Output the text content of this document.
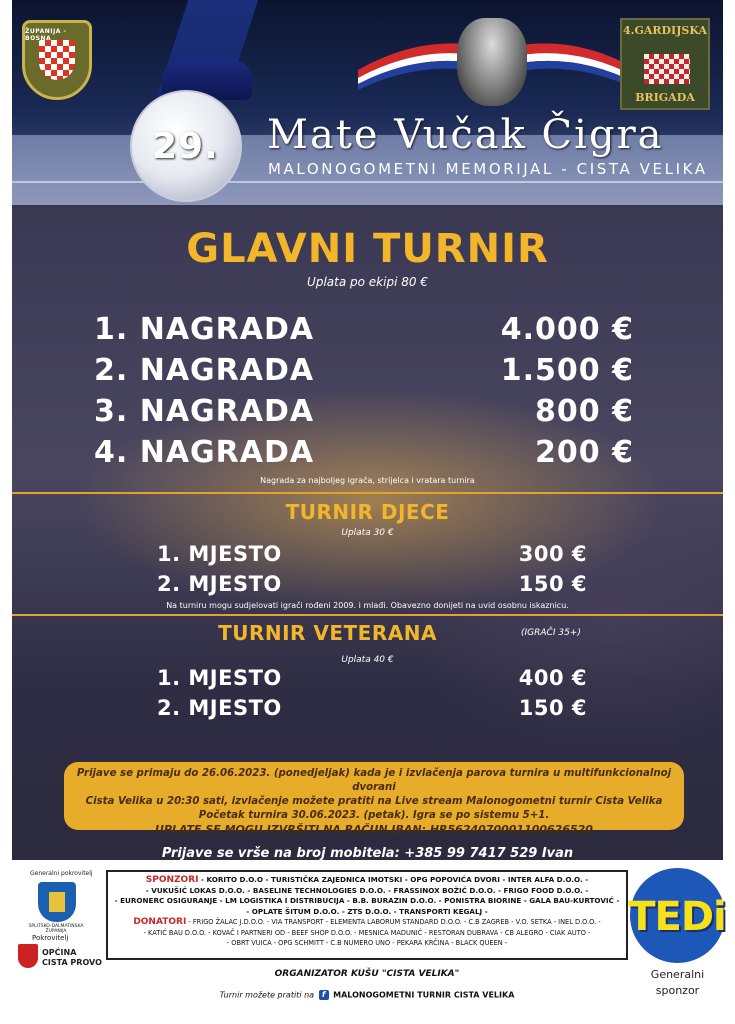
ŽUPANIJA - BOSNA
4.GARDIJSKA
BRIGADA
29. Mate Vučak Čigra
MALONOGOMETNI MEMORIJAL - CISTA VELIKA
GLAVNI TURNIR
Uplata po ekipi 80 €
1. NAGRADA	4.000 €
2. NAGRADA	1.500 €
3. NAGRADA	800 €
4. NAGRADA	200 €
Nagrada za najboljeg igrača, strijelca i vratara turnira
TURNIR DJECE
Uplata 30 €
1. MJESTO	300 €
2. MJESTO	150 €
Na turniru mogu sudjelovati igrači rođeni 2009. i mlađi. Obavezno donijeti na uvid osobnu iskaznicu.
TURNIR VETERANA	(IGRAČI 35+)
Uplata 40 €
1. MJESTO	400 €
2. MJESTO	150 €
Prijave se primaju do 26.06.2023. (ponedjeljak) kada je i izvlačenja parova turnira u multifunkcionalnoj dvorani
Cista Velika u 20:30 sati, izvlačenje možete pratiti na Live stream Malonogometni turnir Cista Velika
Početak turnira 30.06.2023. (petak). Igra se po sistemu 5+1.
UPLATE SE MOGU IZVRŠITI NA RAČUN IBAN: HR5624070001100626520
Prijave se vrše na broj mobitela: +385 99 7417 529 Ivan
Generalni pokrovitelj
SPLITSKO-DALMATINSKA ŽUPANIJA
Pokrovitelj
OPĆINA
CISTA PROVO
SPONZORI - KORITO D.O.O - TURISTIČKA ZAJEDNICA IMOTSKI - OPG POPOVIĆA DVORI - INTER ALFA D.O.O. -
- VUKUŠIĆ LOKAS D.O.O. - BASELINE TECHNOLOGIES D.O.O. - FRASSINOX BOŽIĆ D.O.O. - FRIGO FOOD D.O.O. -
- EURONERC OSIGURANJE - LM LOGISTIKA I DISTRIBUCIJA - B.B. BURAZIN D.O.O. - PONISTRA BIORINE - GALA BAU-KURTOVIĆ -
- OPLATE ŠITUM D.O.O. - ZTS D.O.O. - TRANSPORTI KEGALJ -
DONATORI - FRIGO ŽALAC J.D.O.O. - VIA TRANSPORT - ELEMENTA LABORUM STANDARD D.O.O. - C.B ZAGREB - V.O. SETKA - INEL D.O.O. -
- KATIĆ BAU D.O.O. - KOVAČ I PARTNERI OD - BEEF SHOP D.O.O. - MESNICA MADUNIĆ - RESTORAN DUBRAVA - CB ALEGRO - CIAK AUTO -
- OBRT VUICA - OPG SCHMITT - C.B NUMERO UNO - PEKARA KRČINA - BLACK QUEEN -
ORGANIZATOR KUŠU "CISTA VELIKA"
Turnir možete pratiti na f MALONOGOMETNI TURNIR CISTA VELIKA
TEDi
Generalni
sponzor
